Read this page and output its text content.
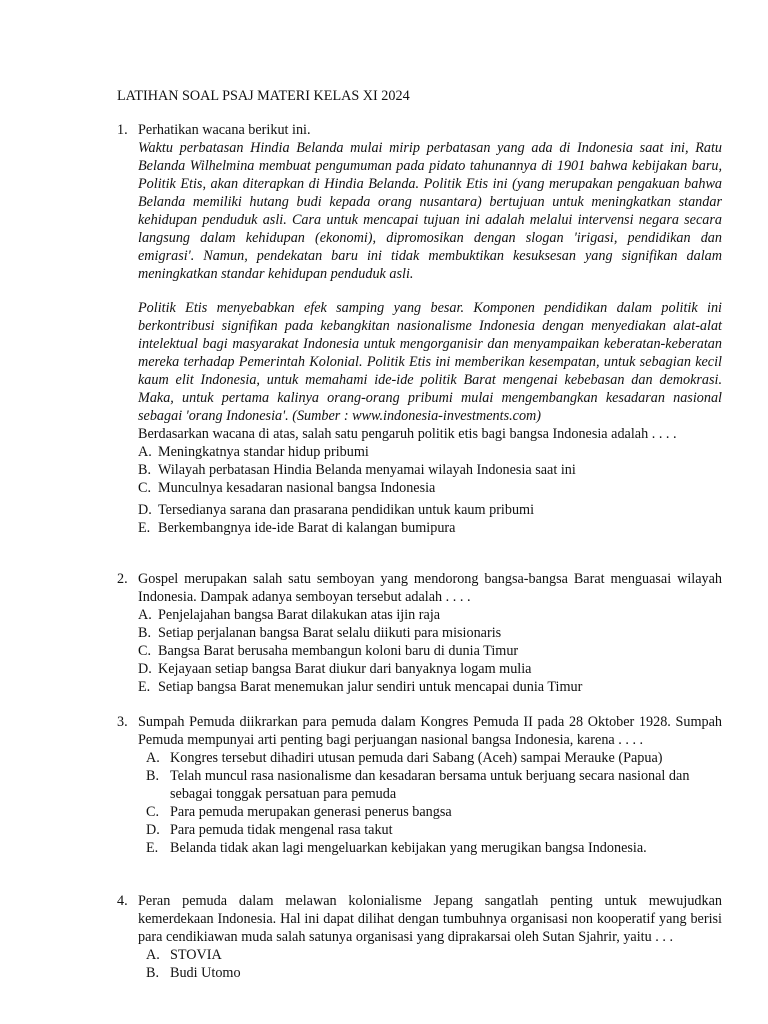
LATIHAN SOAL PSAJ MATERI KELAS XI 2024
1. Perhatikan wacana berikut ini.

Waktu perbatasan Hindia Belanda mulai mirip perbatasan yang ada di Indonesia saat ini, Ratu Belanda Wilhelmina membuat pengumuman pada pidato tahunannya di 1901 bahwa kebijakan baru, Politik Etis, akan diterapkan di Hindia Belanda. Politik Etis ini (yang merupakan pengakuan bahwa Belanda memiliki hutang budi kepada orang nusantara) bertujuan untuk meningkatkan standar kehidupan penduduk asli. Cara untuk mencapai tujuan ini adalah melalui intervensi negara secara langsung dalam kehidupan (ekonomi), dipromosikan dengan slogan 'irigasi, pendidikan dan emigrasi'. Namun, pendekatan baru ini tidak membuktikan kesuksesan yang signifikan dalam meningkatkan standar kehidupan penduduk asli.

Politik Etis menyebabkan efek samping yang besar. Komponen pendidikan dalam politik ini berkontribusi signifikan pada kebangkitan nasionalisme Indonesia dengan menyediakan alat-alat intelektual bagi masyarakat Indonesia untuk mengorganisir dan menyampaikan keberatan-keberatan mereka terhadap Pemerintah Kolonial. Politik Etis ini memberikan kesempatan, untuk sebagian kecil kaum elit Indonesia, untuk memahami ide-ide politik Barat mengenai kebebasan dan demokrasi. Maka, untuk pertama kalinya orang-orang pribumi mulai mengembangkan kesadaran nasional sebagai 'orang Indonesia'. (Sumber : www.indonesia-investments.com)

Berdasarkan wacana di atas, salah satu pengaruh politik etis bagi bangsa Indonesia adalah . . . .

A. Meningkatnya standar hidup pribumi
B. Wilayah perbatasan Hindia Belanda menyamai wilayah Indonesia saat ini
C. Munculnya kesadaran nasional bangsa Indonesia
D. Tersedianya sarana dan prasarana pendidikan untuk kaum pribumi
E. Berkembangnya ide-ide Barat di kalangan bumipura
2. Gospel merupakan salah satu semboyan yang mendorong bangsa-bangsa Barat menguasai wilayah Indonesia. Dampak adanya semboyan tersebut adalah . . . .

A. Penjelajahan bangsa Barat dilakukan atas ijin raja
B. Setiap perjalanan bangsa Barat selalu diikuti para misionaris
C. Bangsa Barat berusaha membangun koloni baru di dunia Timur
D. Kejayaan setiap bangsa Barat diukur dari banyaknya logam mulia
E. Setiap bangsa Barat menemukan jalur sendiri untuk mencapai dunia Timur
3. Sumpah Pemuda diikrarkan para pemuda dalam Kongres Pemuda II pada 28 Oktober 1928. Sumpah Pemuda mempunyai arti penting bagi perjuangan nasional bangsa Indonesia, karena . . . .

A. Kongres tersebut dihadiri utusan pemuda dari Sabang (Aceh) sampai Merauke (Papua)
B. Telah muncul rasa nasionalisme dan kesadaran bersama untuk berjuang secara nasional dan sebagai tonggak persatuan para pemuda
C. Para pemuda merupakan generasi penerus bangsa
D. Para pemuda tidak mengenal rasa takut
E. Belanda tidak akan lagi mengeluarkan kebijakan yang merugikan bangsa Indonesia.
4. Peran pemuda dalam melawan kolonialisme Jepang sangatlah penting untuk mewujudkan kemerdekaan Indonesia. Hal ini dapat dilihat dengan tumbuhnya organisasi non kooperatif yang berisi para cendikiawan muda salah satunya organisasi yang diprakarsai oleh Sutan Sjahrir, yaitu . . .

A. STOVIA
B. Budi Utomo
